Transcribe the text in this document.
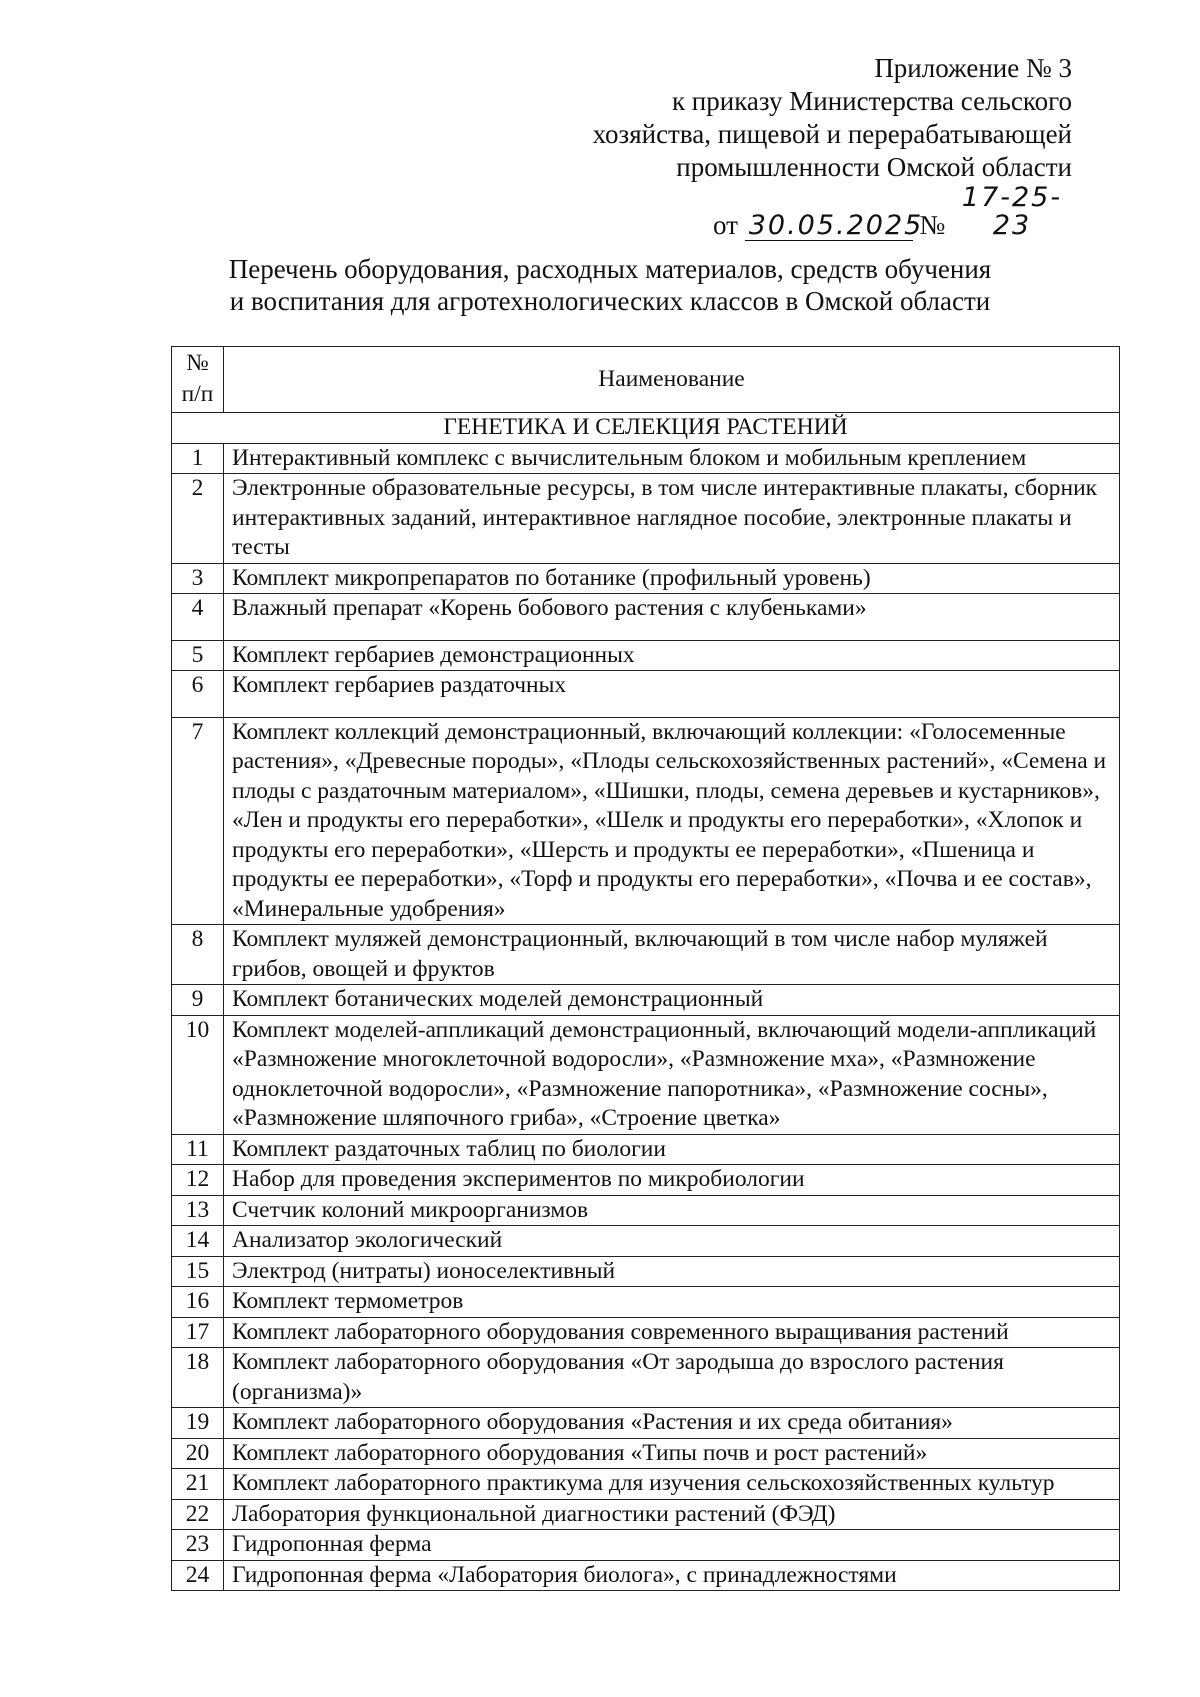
Приложение № 3
к приказу Министерства сельского
хозяйства, пищевой и перерабатывающей
промышленности Омской области
от 30.05.2025 № 17-25-23
Перечень оборудования, расходных материалов, средств обучения
и воспитания для агротехнологических классов в Омской области
№
п/п	Наименование
ГЕНЕТИКА И СЕЛЕКЦИЯ РАСТЕНИЙ	
1	Интерактивный комплекс с вычислительным блоком и мобильным креплением
2	Электронные образовательные ресурсы, в том числе интерактивные плакаты, сборник интерактивных заданий, интерактивное наглядное пособие, электронные плакаты и тесты
3	Комплект микропрепаратов по ботанике (профильный уровень)
4	Влажный препарат «Корень бобового растения с клубеньками»
5	Комплект гербариев демонстрационных
6	Комплект гербариев раздаточных
7	Комплект коллекций демонстрационный, включающий коллекции: «Голосеменные растения», «Древесные породы», «Плоды сельскохозяйственных растений», «Семена и плоды с раздаточным материалом», «Шишки, плоды, семена деревьев и кустарников», «Лен и продукты его переработки», «Шелк и продукты его переработки», «Хлопок и продукты его переработки», «Шерсть и продукты ее переработки», «Пшеница и продукты ее переработки», «Торф и продукты его переработки», «Почва и ее состав», «Минеральные удобрения»
8	Комплект муляжей демонстрационный, включающий в том числе набор муляжей грибов, овощей и фруктов
9	Комплект ботанических моделей демонстрационный
10	Комплект моделей-аппликаций демонстрационный, включающий модели-аппликаций «Размножение многоклеточной водоросли», «Размножение мха», «Размножение одноклеточной водоросли», «Размножение папоротника», «Размножение сосны», «Размножение шляпочного гриба», «Строение цветка»
11	Комплект раздаточных таблиц по биологии
12	Набор для проведения экспериментов по микробиологии
13	Счетчик колоний микроорганизмов
14	Анализатор экологический
15	Электрод (нитраты) ионоселективный
16	Комплект термометров
17	Комплект лабораторного оборудования современного выращивания растений
18	Комплект лабораторного оборудования «От зародыша до взрослого растения (организма)»
19	Комплект лабораторного оборудования «Растения и их среда обитания»
20	Комплект лабораторного оборудования «Типы почв и рост растений»
21	Комплект лабораторного практикума для изучения сельскохозяйственных культур
22	Лаборатория функциональной диагностики растений (ФЭД)
23	Гидропонная ферма
24	Гидропонная ферма «Лаборатория биолога», с принадлежностями
